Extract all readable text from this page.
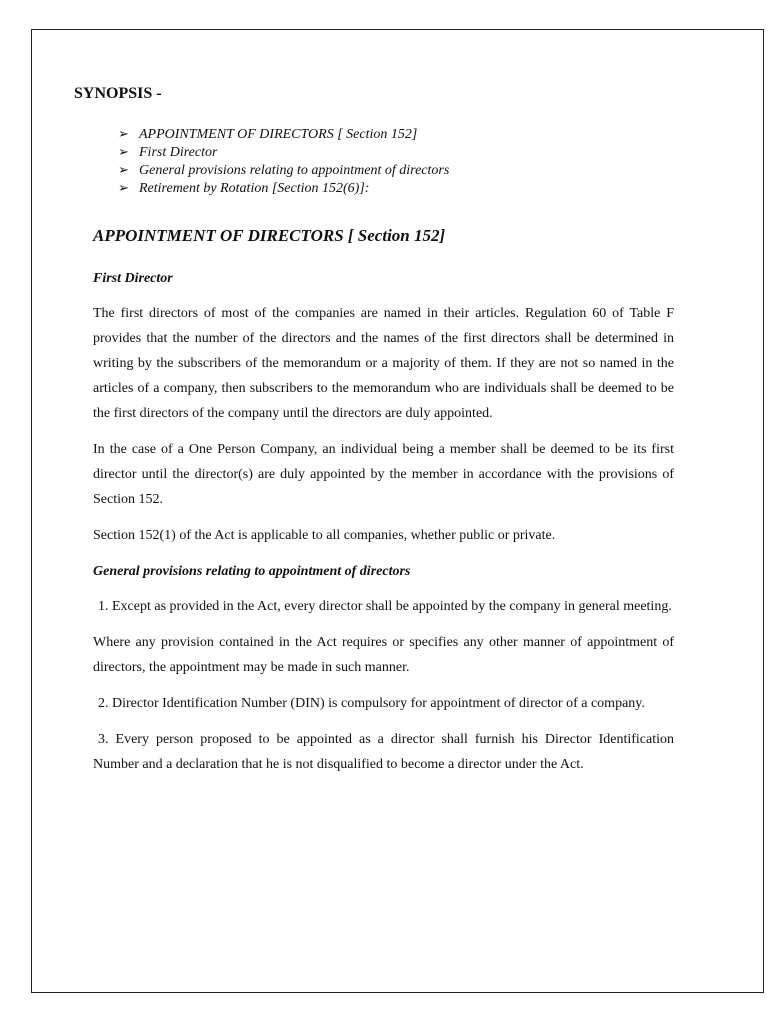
SYNOPSIS -
➢ APPOINTMENT OF DIRECTORS [ Section 152]
➢ First Director
➢ General provisions relating to appointment of directors
➢ Retirement by Rotation [Section 152(6)]:
APPOINTMENT OF DIRECTORS [ Section 152]
First Director

The first directors of most of the companies are named in their articles. Regulation 60 of Table F provides that the number of the directors and the names of the first directors shall be determined in writing by the subscribers of the memorandum or a majority of them. If they are not so named in the articles of a company, then subscribers to the memorandum who are individuals shall be deemed to be the first directors of the company until the directors are duly appointed.

In the case of a One Person Company, an individual being a member shall be deemed to be its first director until the director(s) are duly appointed by the member in accordance with the provisions of Section 152.

Section 152(1) of the Act is applicable to all companies, whether public or private.

General provisions relating to appointment of directors

1. Except as provided in the Act, every director shall be appointed by the company in general meeting.

Where any provision contained in the Act requires or specifies any other manner of appointment of directors, the appointment may be made in such manner.

2. Director Identification Number (DIN) is compulsory for appointment of director of a company.

3. Every person proposed to be appointed as a director shall furnish his Director Identification Number and a declaration that he is not disqualified to become a director under the Act.
